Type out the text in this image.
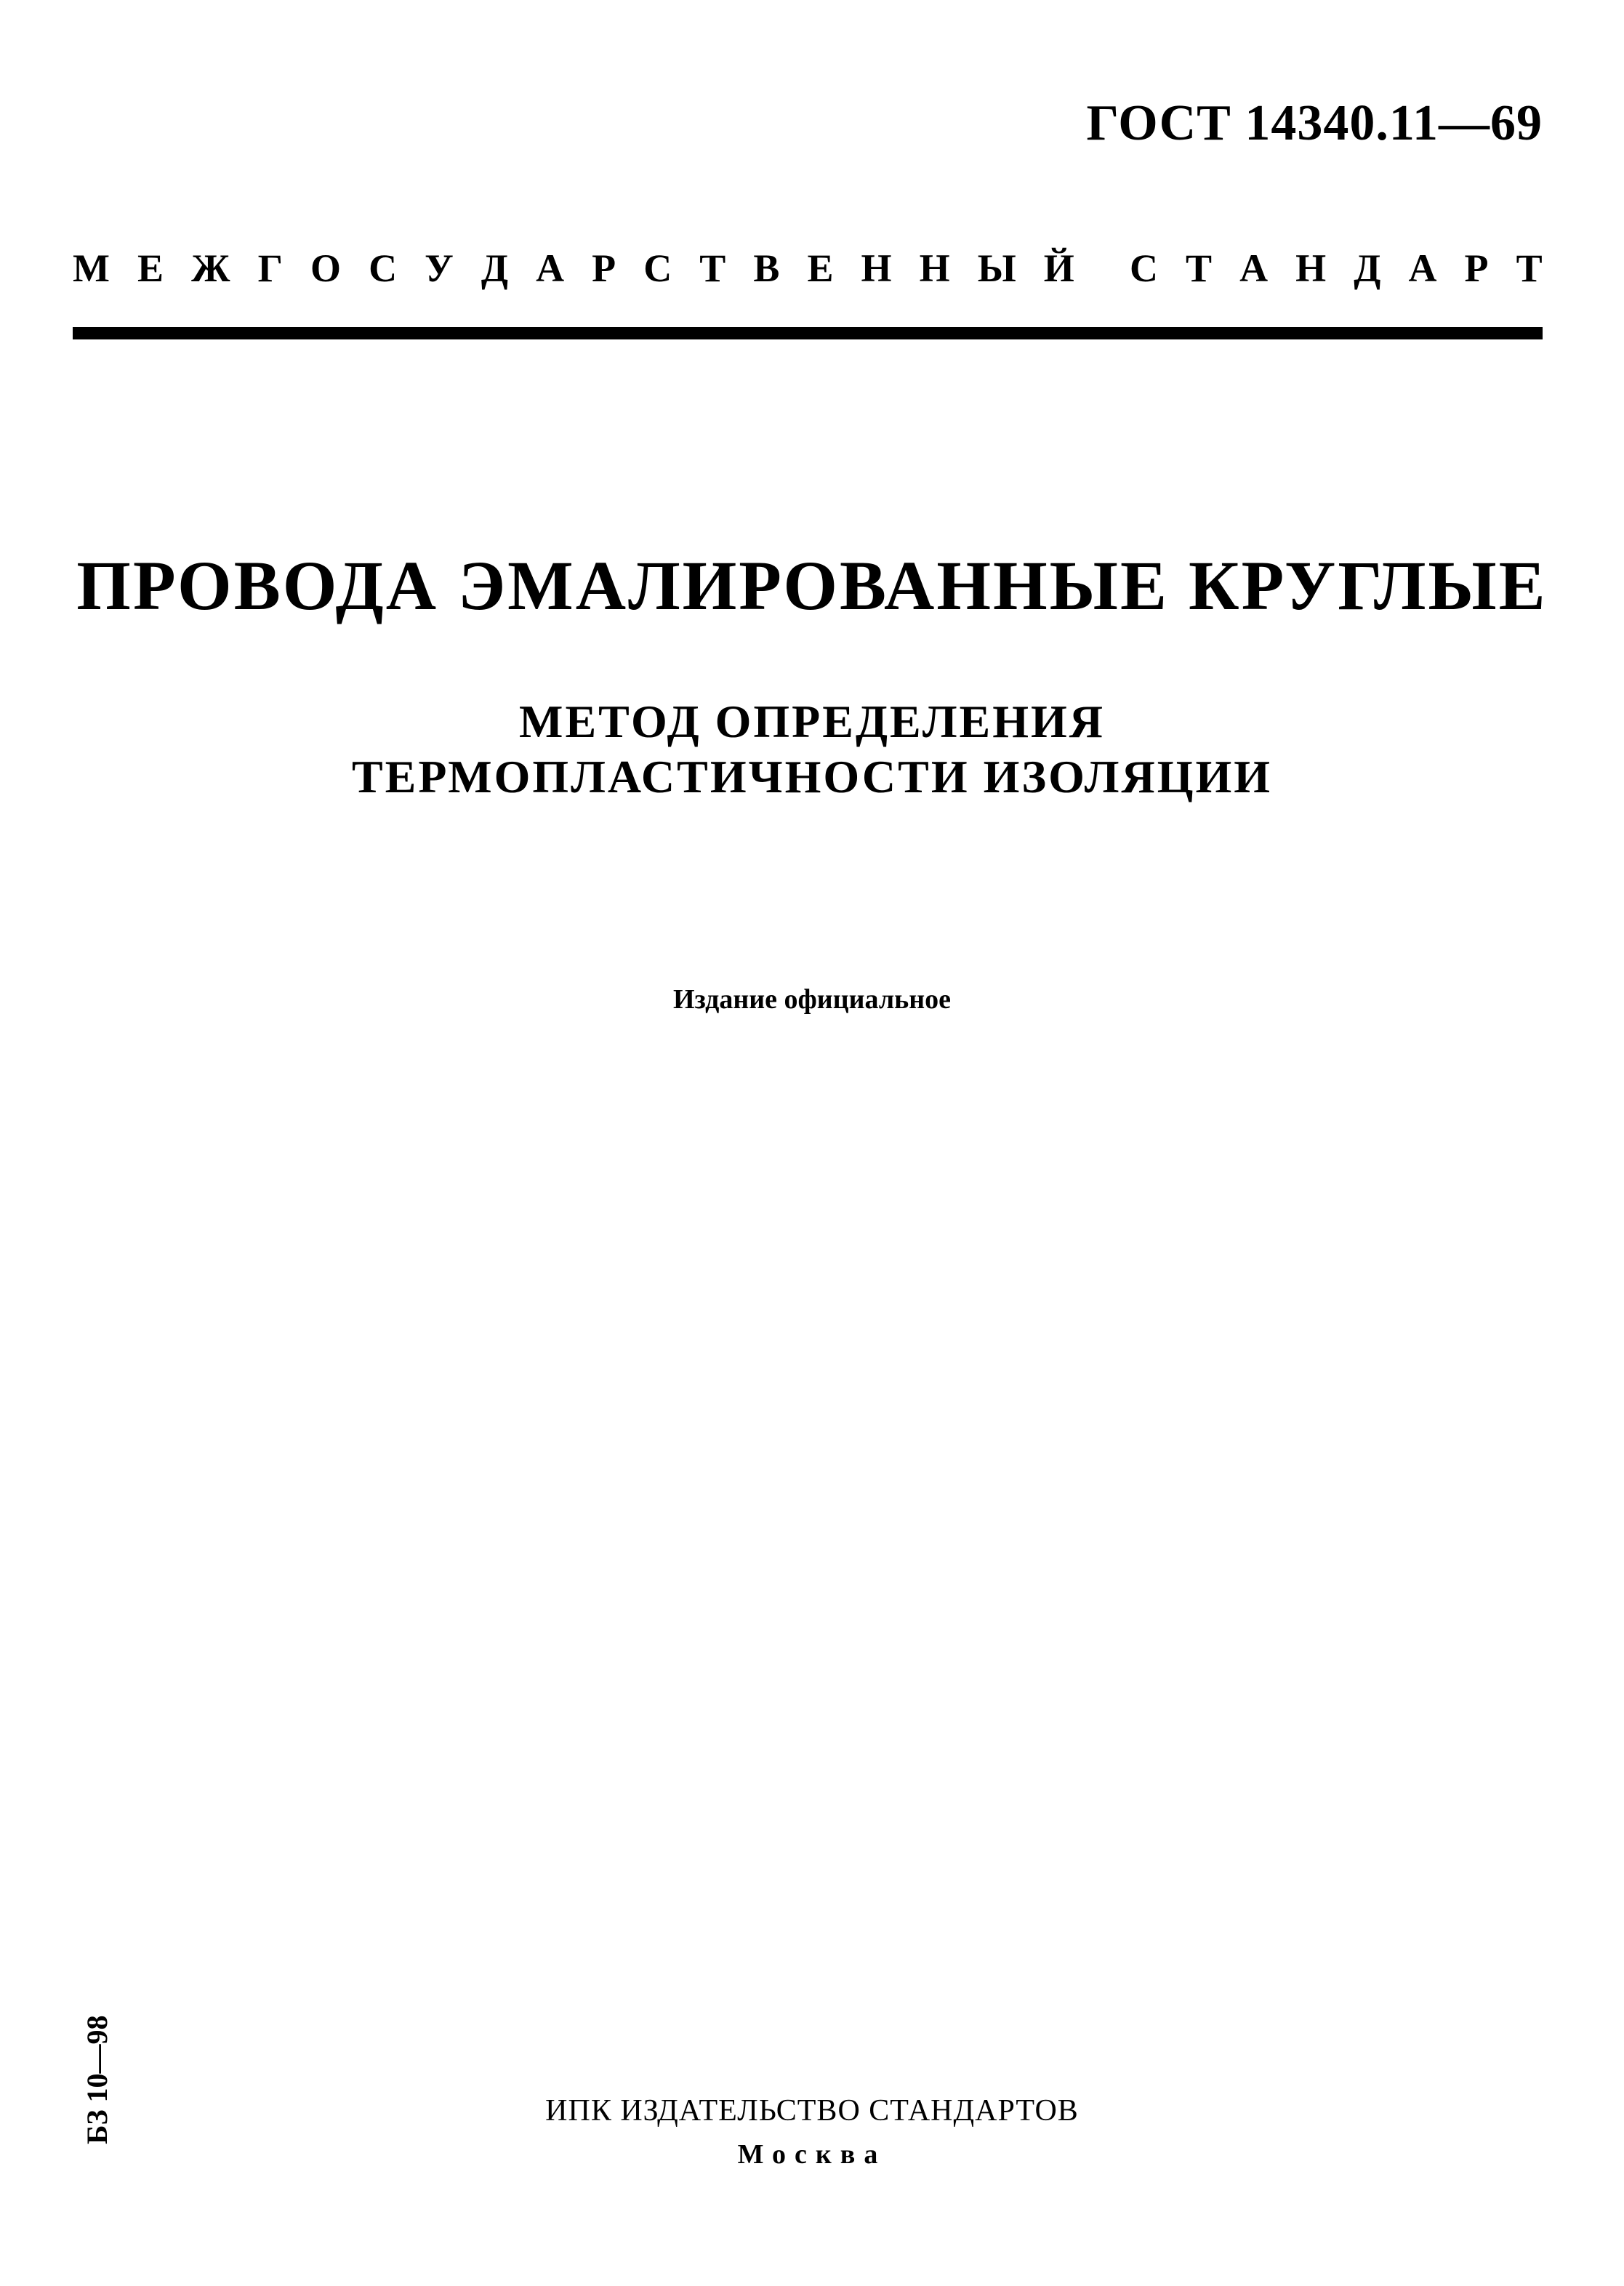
ГОСТ 14340.11—69
М Е Ж Г О С У Д А Р С Т В Е Н Н Ы Й С Т А Н Д А Р Т
ПРОВОДА ЭМАЛИРОВАННЫЕ КРУГЛЫЕ
МЕТОД ОПРЕДЕЛЕНИЯ
ТЕРМОПЛАСТИЧНОСТИ ИЗОЛЯЦИИ
Издание официальное
БЗ 10—98	ИПК ИЗДАТЕЛЬСТВО СТАНДАРТОВ
Москва
